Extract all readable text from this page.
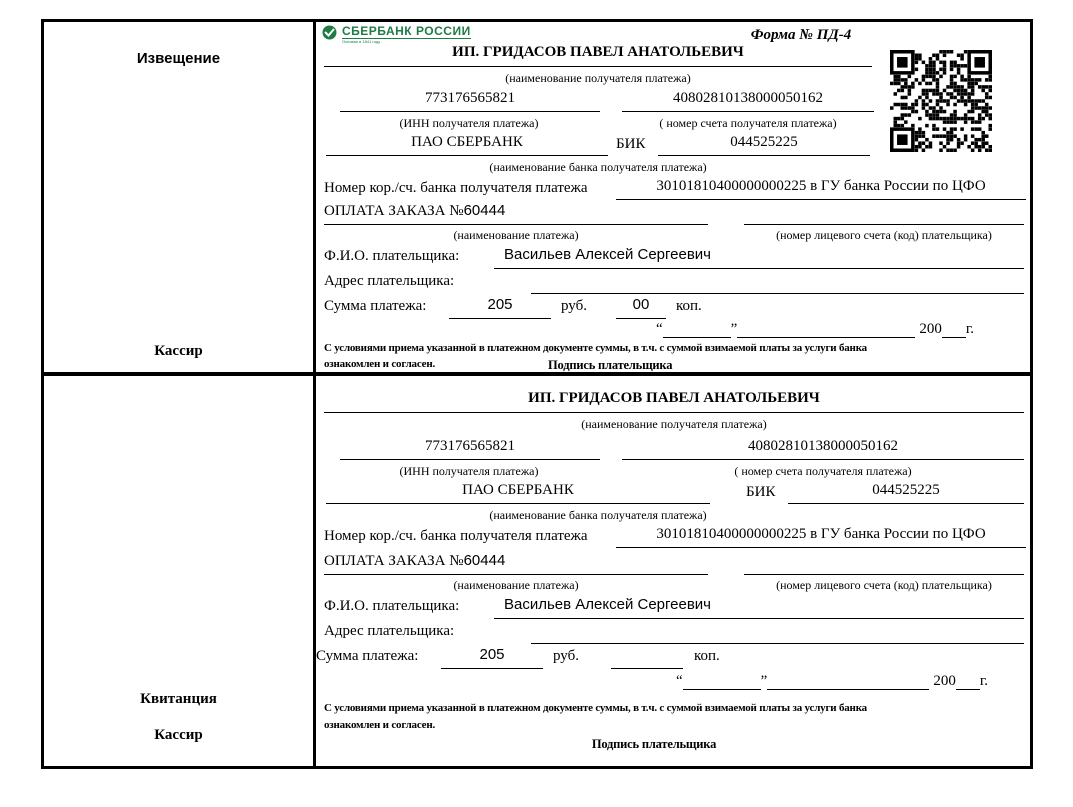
Извещение
Кассир
СБЕРБАНК РОССИИ
Основан в 1841 году	Форма № ПД-4
ИП. ГРИДАСОВ ПАВЕЛ АНАТОЛЬЕВИЧ
(наименование получателя платежа)
773176565821	40802810138000050162
(ИНН получателя платежа)	( номер счета получателя платежа)
ПАО СБЕРБАНК	БИК	044525225
(наименование банка получателя платежа)
Номер кор./сч. банка получателя платежа	30101810400000000225 в ГУ банка России по ЦФО
ОПЛАТА ЗАКАЗА №60444
(наименование платежа)	(номер лицевого счета (код) плательщика)
Ф.И.О. плательщика:	Васильев Алексей Сергеевич
Адрес плательщика:
Сумма платежа:	205	руб.	00	коп.
“	”	200 г.
С условиями приема указанной в платежном документе суммы, в т.ч. с суммой взимаемой платы за услуги банка
ознакомлен и согласен.	Подпись плательщика
Квитанция
Кассир
ИП. ГРИДАСОВ ПАВЕЛ АНАТОЛЬЕВИЧ
(наименование получателя платежа)
773176565821	40802810138000050162
(ИНН получателя платежа)	( номер счета получателя платежа)
ПАО СБЕРБАНК	БИК	044525225
(наименование банка получателя платежа)
Номер кор./сч. банка получателя платежа	30101810400000000225 в ГУ банка России по ЦФО
ОПЛАТА ЗАКАЗА №60444
(наименование платежа)	(номер лицевого счета (код) плательщика)
Ф.И.О. плательщика:	Васильев Алексей Сергеевич
Адрес плательщика:
Сумма платежа:	205	руб.	коп.
“	”	200 г.
С условиями приема указанной в платежном документе суммы, в т.ч. с суммой взимаемой платы за услуги банка
ознакомлен и согласен.
Подпись плательщика
